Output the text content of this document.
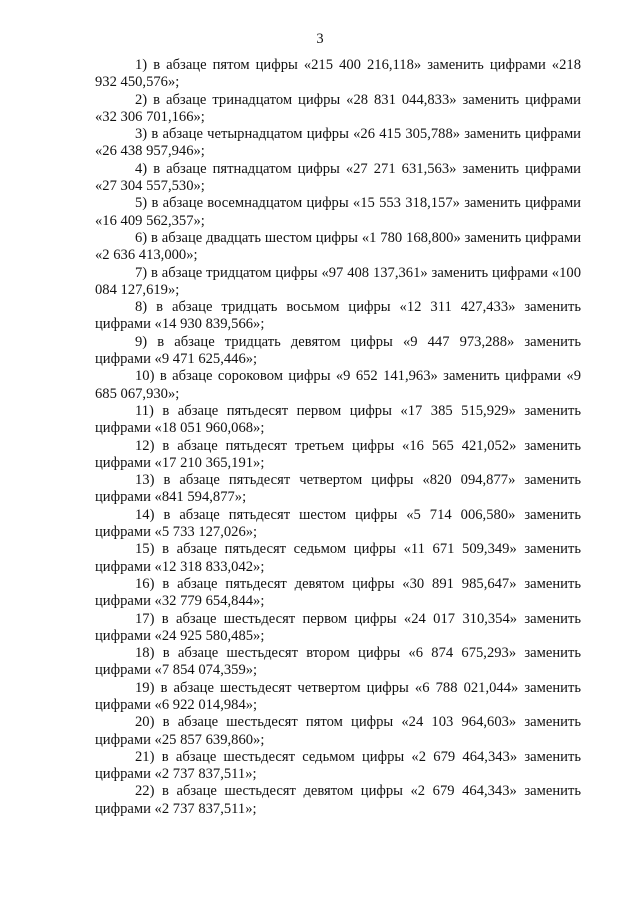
3

1) в абзаце пятом цифры «215 400 216,118» заменить цифрами «218 932 450,576»;

2) в абзаце тринадцатом цифры «28 831 044,833» заменить цифрами «32 306 701,166»;

3) в абзаце четырнадцатом цифры «26 415 305,788» заменить цифрами «26 438 957,946»;

4) в абзаце пятнадцатом цифры «27 271 631,563» заменить цифрами «27 304 557,530»;

5) в абзаце восемнадцатом цифры «15 553 318,157» заменить цифрами «16 409 562,357»;

6) в абзаце двадцать шестом цифры «1 780 168,800» заменить цифрами «2 636 413,000»;

7) в абзаце тридцатом цифры «97 408 137,361» заменить цифрами «100 084 127,619»;

8) в абзаце тридцать восьмом цифры «12 311 427,433» заменить цифрами «14 930 839,566»;

9) в абзаце тридцать девятом цифры «9 447 973,288» заменить цифрами «9 471 625,446»;

10) в абзаце сороковом цифры «9 652 141,963» заменить цифрами «9 685 067,930»;

11) в абзаце пятьдесят первом цифры «17 385 515,929» заменить цифрами «18 051 960,068»;

12) в абзаце пятьдесят третьем цифры «16 565 421,052» заменить цифрами «17 210 365,191»;

13) в абзаце пятьдесят четвертом цифры «820 094,877» заменить цифрами «841 594,877»;

14) в абзаце пятьдесят шестом цифры «5 714 006,580» заменить цифрами «5 733 127,026»;

15) в абзаце пятьдесят седьмом цифры «11 671 509,349» заменить цифрами «12 318 833,042»;

16) в абзаце пятьдесят девятом цифры «30 891 985,647» заменить цифрами «32 779 654,844»;

17) в абзаце шестьдесят первом цифры «24 017 310,354» заменить цифрами «24 925 580,485»;

18) в абзаце шестьдесят втором цифры «6 874 675,293» заменить цифрами «7 854 074,359»;

19) в абзаце шестьдесят четвертом цифры «6 788 021,044» заменить цифрами «6 922 014,984»;

20) в абзаце шестьдесят пятом цифры «24 103 964,603» заменить цифрами «25 857 639,860»;

21) в абзаце шестьдесят седьмом цифры «2 679 464,343» заменить цифрами «2 737 837,511»;

22) в абзаце шестьдесят девятом цифры «2 679 464,343» заменить цифрами «2 737 837,511»;
